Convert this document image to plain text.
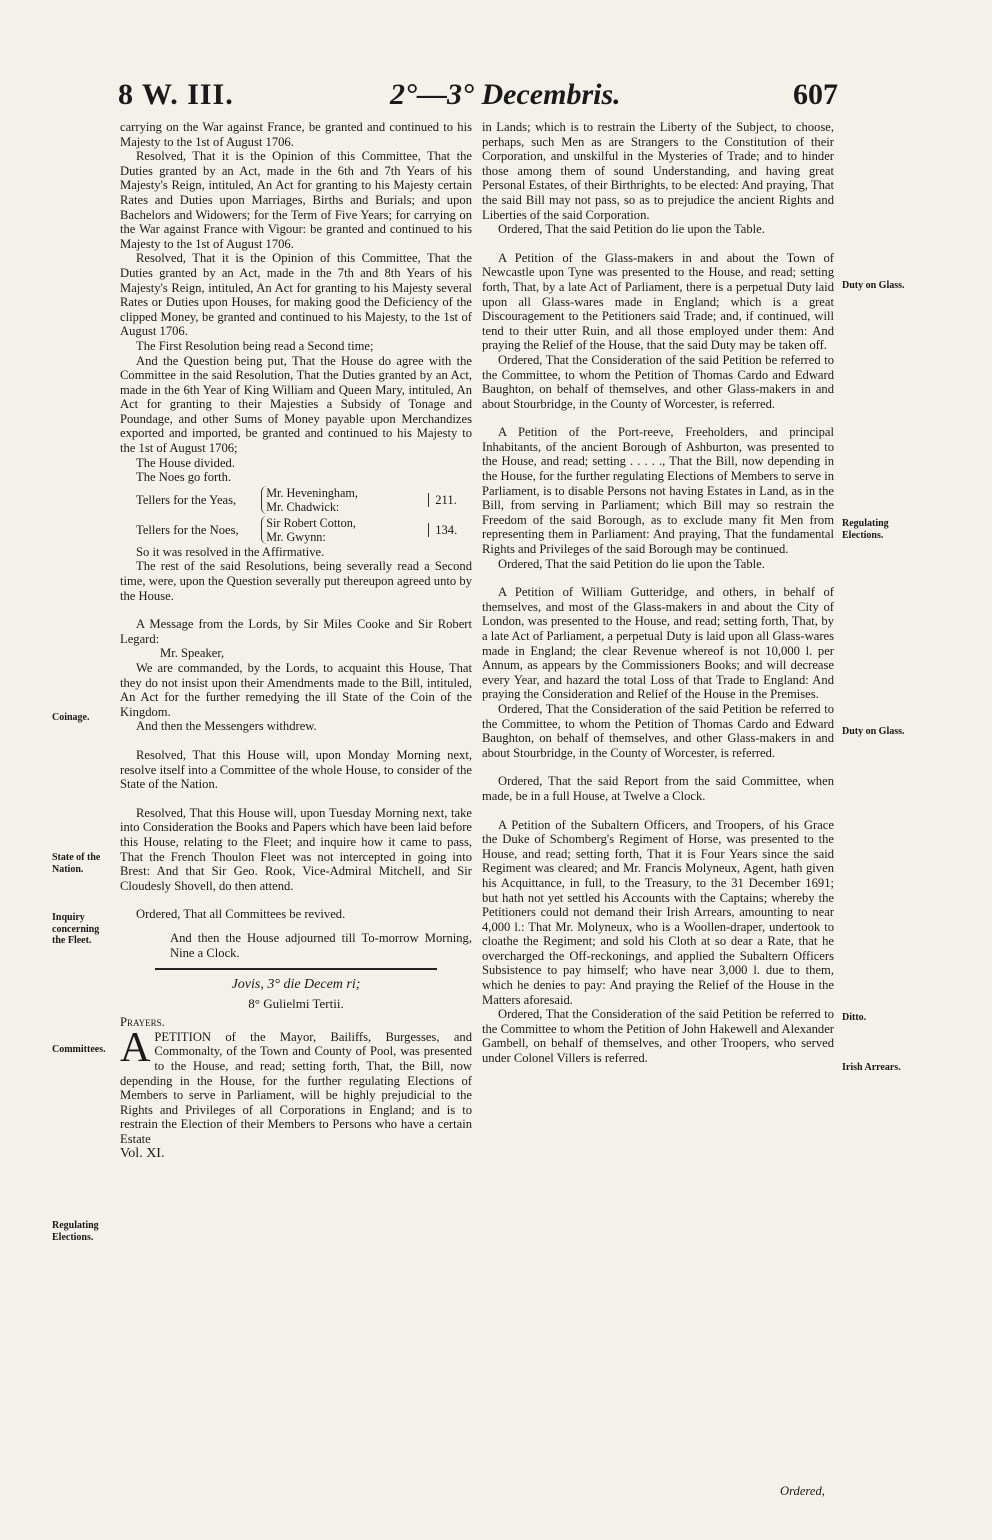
8 W. III.	2°—3° Decembris.	607

carrying on the War against France, be granted and continued to his Majesty to the 1st of August 1706.

Resolved, That it is the Opinion of this Committee, That the Duties granted by an Act, made in the 6th and 7th Years of his Majesty's Reign, intituled, An Act for granting to his Majesty certain Rates and Duties upon Marriages, Births and Burials; and upon Bachelors and Widowers; for the Term of Five Years; for carrying on the War against France with Vigour: be granted and continued to his Majesty to the 1st of August 1706.

Resolved, That it is the Opinion of this Committee, That the Duties granted by an Act, made in the 7th and 8th Years of his Majesty's Reign, intituled, An Act for granting to his Majesty several Rates or Duties upon Houses, for making good the Deficiency of the clipped Money, be granted and continued to his Majesty, to the 1st of August 1706.

The First Resolution being read a Second time;

And the Question being put, That the House do agree with the Committee in the said Resolution, That the Duties granted by an Act, made in the 6th Year of King William and Queen Mary, intituled, An Act for granting to their Majesties a Subsidy of Tonage and Poundage, and other Sums of Money payable upon Merchandizes exported and imported, be granted and continued to his Majesty to the 1st of August 1706;

The House divided.

The Noes go forth.

Tellers for the Yeas,	Mr. Heveningham,
Mr. Chadwick:
211.
Tellers for the Noes,	Sir Robert Cotton,
Mr. Gwynn:
134.

So it was resolved in the Affirmative.

The rest of the said Resolutions, being severally read a Second time, were, upon the Question severally put thereupon agreed unto by the House.

A Message from the Lords, by Sir Miles Cooke and Sir Robert Legard:

Mr. Speaker,

We are commanded, by the Lords, to acquaint this House, That they do not insist upon their Amendments made to the Bill, intituled, An Act for the further remedying the ill State of the Coin of the Kingdom.

And then the Messengers withdrew.

Resolved, That this House will, upon Monday Morning next, resolve itself into a Committee of the whole House, to consider of the State of the Nation.

Resolved, That this House will, upon Tuesday Morning next, take into Consideration the Books and Papers which have been laid before this House, relating to the Fleet; and inquire how it came to pass, That the French Thoulon Fleet was not intercepted in going into Brest: And that Sir Geo. Rook, Vice-Admiral Mitchell, and Sir Cloudesly Shovell, do then attend.

Ordered, That all Committees be revived.

And then the House adjourned till To-morrow Morning, Nine a Clock.

Jovis, 3° die Decem ri;

8° Gulielmi Tertii.

Prayers.

APETITION of the Mayor, Bailiffs, Burgesses, and Commonalty, of the Town and County of Pool, was presented to the House, and read; setting forth, That, the Bill, now depending in the House, for the further regulating Elections of Members to serve in Parliament, will be highly prejudicial to the Rights and Privileges of all Corporations in England; and is to restrain the Election of their Members to Persons who have a certain Estate

Vol. XI.

in Lands; which is to restrain the Liberty of the Subject, to choose, perhaps, such Men as are Strangers to the Constitution of their Corporation, and unskilful in the Mysteries of Trade; and to hinder those among them of sound Understanding, and having great Personal Estates, of their Birthrights, to be elected: And praying, That the said Bill may not pass, so as to prejudice the ancient Rights and Liberties of the said Corporation.

Ordered, That the said Petition do lie upon the Table.

A Petition of the Glass-makers in and about the Town of Newcastle upon Tyne was presented to the House, and read; setting forth, That, by a late Act of Parliament, there is a perpetual Duty laid upon all Glass-wares made in England; which is a great Discouragement to the Petitioners said Trade; and, if continued, will tend to their utter Ruin, and all those employed under them: And praying the Relief of the House, that the said Duty may be taken off.

Ordered, That the Consideration of the said Petition be referred to the Committee, to whom the Petition of Thomas Cardo and Edward Baughton, on behalf of themselves, and other Glass-makers in and about Stourbridge, in the County of Worcester, is referred.

A Petition of the Port-reeve, Freeholders, and principal Inhabitants, of the ancient Borough of Ashburton, was presented to the House, and read; setting . . . . ., That the Bill, now depending in the House, for the further regulating Elections of Members to serve in Parliament, is to disable Persons not having Estates in Land, as in the Bill, from serving in Parliament; which Bill may so restrain the Freedom of the said Borough, as to exclude many fit Men from representing them in Parliament: And praying, That the fundamental Rights and Privileges of the said Borough may be continued.

Ordered, That the said Petition do lie upon the Table.

A Petition of William Gutteridge, and others, in behalf of themselves, and most of the Glass-makers in and about the City of London, was presented to the House, and read; setting forth, That, by a late Act of Parliament, a perpetual Duty is laid upon all Glass-wares made in England; the clear Revenue whereof is not 10,000 l. per Annum, as appears by the Commissioners Books; and will decrease every Year, and hazard the total Loss of that Trade to England: And praying the Consideration and Relief of the House in the Premises.

Ordered, That the Consideration of the said Petition be referred to the Committee, to whom the Petition of Thomas Cardo and Edward Baughton, on behalf of themselves, and other Glass-makers in and about Stourbridge, in the County of Worcester, is referred.

Ordered, That the said Report from the said Committee, when made, be in a full House, at Twelve a Clock.

A Petition of the Subaltern Officers, and Troopers, of his Grace the Duke of Schomberg's Regiment of Horse, was presented to the House, and read; setting forth, That it is Four Years since the said Regiment was cleared; and Mr. Francis Molyneux, Agent, hath given his Acquittance, in full, to the Treasury, to the 31 December 1691; but hath not yet settled his Accounts with the Captains; whereby the Petitioners could not demand their Irish Arrears, amounting to near 4,000 l.: That Mr. Molyneux, who is a Woollen-draper, undertook to cloathe the Regiment; and sold his Cloth at so dear a Rate, that he overcharged the Off-reckonings, and applied the Subaltern Officers Subsistence to pay himself; who have near 3,000 l. due to them, which he denies to pay: And praying the Relief of the House in the Matters aforesaid.

Ordered, That the Consideration of the said Petition be referred to the Committee to whom the Petition of John Hakewell and Alexander Gambell, on behalf of themselves, and other Troopers, who served under Colonel Villers is referred.

Ordered,
Coinage.
State of the Nation.
Inquiry concerning the Fleet.
Committees.
Regulating Elections.
Duty on Glass.
Regulating Elections.
Duty on Glass.
Ditto.
Irish Arrears.
